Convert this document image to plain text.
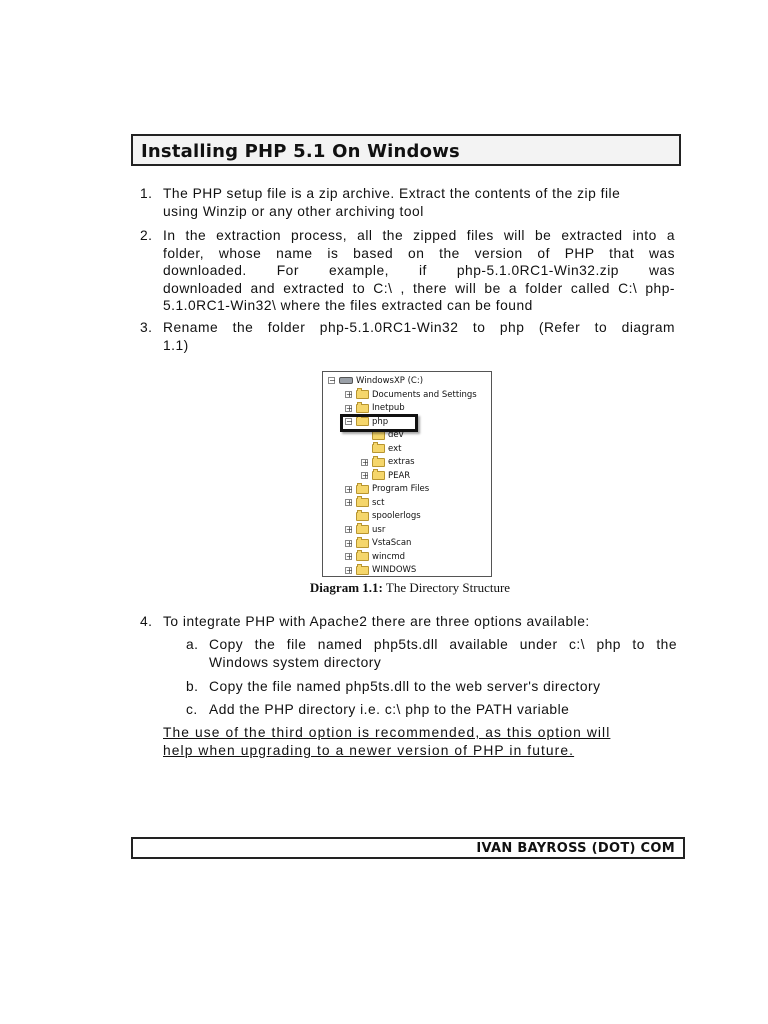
Installing PHP 5.1 On Windows
1. The PHP setup file is a zip archive. Extract the contents of the zip file
using Winzip or any other archiving tool
2. In the extraction process, all the zipped files will be extracted into a
folder, whose name is based on the version of PHP that was
downloaded. For example, if php-5.1.0RC1-Win32.zip was
downloaded and extracted to C:\ , there will be a folder called C:\ php-
5.1.0RC1-Win32\ where the files extracted can be found
3. Rename the folder php-5.1.0RC1-Win32 to php (Refer to diagram
1.1)
− WindowsXP (C:)
+ Documents and Settings
+ Inetpub
− php
dev
ext
+ extras
+ PEAR
+ Program Files
+ sct
spoolerlogs
+ usr
+ VstaScan
+ wincmd
+ WINDOWS
Diagram 1.1: The Directory Structure
4. To integrate PHP with Apache2 there are three options available:
a. Copy the file named php5ts.dll available under c:\ php to the
Windows system directory
b. Copy the file named php5ts.dll to the web server's directory
c. Add the PHP directory i.e. c:\ php to the PATH variable
The use of the third option is recommended, as this option will
help when upgrading to a newer version of PHP in future.
IVAN BAYROSS (DOT) COM
